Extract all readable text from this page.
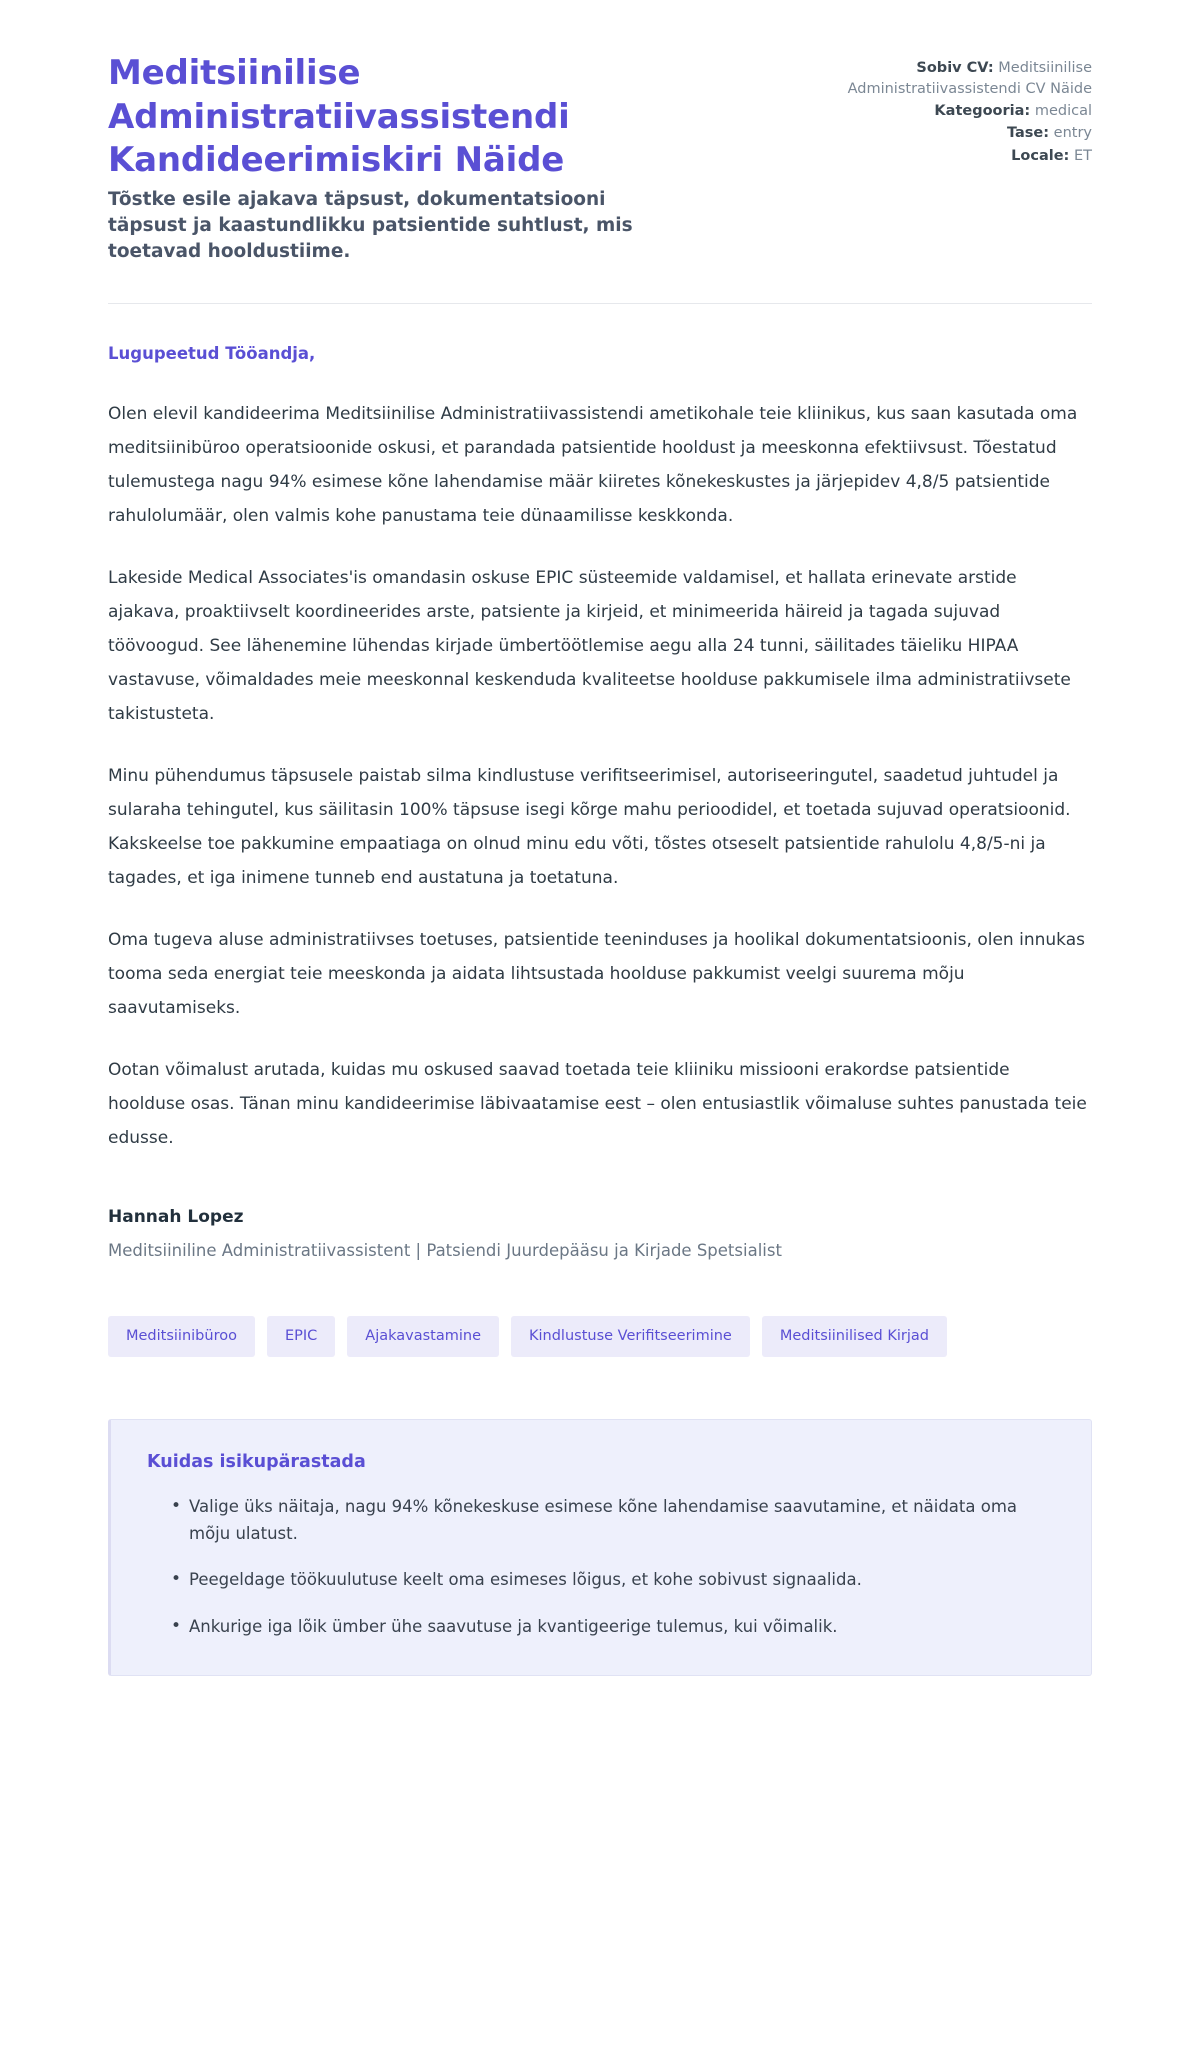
Meditsiinilise Administratiivassistendi Kandideerimiskiri Näide

Tõstke esile ajakava täpsust, dokumentatsiooni täpsust ja kaastundlikku patsientide suhtlust, mis toetavad hooldustiime.

Sobiv CV: Meditsiinilise Administratiivassistendi CV Näide
Kategooria: medical
Tase: entry
Locale: ET

Lugupeetud Tööandja,

Olen elevil kandideerima Meditsiinilise Administratiivassistendi ametikohale teie kliinikus, kus saan kasutada oma meditsiinibüroo operatsioonide oskusi, et parandada patsientide hooldust ja meeskonna efektiivsust. Tõestatud tulemustega nagu 94% esimese kõne lahendamise määr kiiretes kõnekeskustes ja järjepidev 4,8/5 patsientide rahulolumäär, olen valmis kohe panustama teie dünaamilisse keskkonda.

Lakeside Medical Associates'is omandasin oskuse EPIC süsteemide valdamisel, et hallata erinevate arstide ajakava, proaktiivselt koordineerides arste, patsiente ja kirjeid, et minimeerida häireid ja tagada sujuvad töövoogud. See lähenemine lühendas kirjade ümbertöötlemise aegu alla 24 tunni, säilitades täieliku HIPAA vastavuse, võimaldades meie meeskonnal keskenduda kvaliteetse hoolduse pakkumisele ilma administratiivsete takistusteta.

Minu pühendumus täpsusele paistab silma kindlustuse verifitseerimisel, autoriseeringutel, saadetud juhtudel ja sularaha tehingutel, kus säilitasin 100% täpsuse isegi kõrge mahu perioodidel, et toetada sujuvad operatsioonid. Kakskeelse toe pakkumine empaatiaga on olnud minu edu võti, tõstes otseselt patsientide rahulolu 4,8/5-ni ja tagades, et iga inimene tunneb end austatuna ja toetatuna.

Oma tugeva aluse administratiivses toetuses, patsientide teeninduses ja hoolikal dokumentatsioonis, olen innukas tooma seda energiat teie meeskonda ja aidata lihtsustada hoolduse pakkumist veelgi suurema mõju saavutamiseks.

Ootan võimalust arutada, kuidas mu oskused saavad toetada teie kliiniku missiooni erakordse patsientide hoolduse osas. Tänan minu kandideerimise läbivaatamise eest – olen entusiastlik võimaluse suhtes panustada teie edusse.

Hannah Lopez

Meditsiiniline Administratiivassistent | Patsiendi Juurdepääsu ja Kirjade Spetsialist

Meditsiinibüroo	EPIC	Ajakavastamine	Kindlustuse Verifitseerimine	Meditsiinilised Kirjad
Kuidas isikupärastada
• Valige üks näitaja, nagu 94% kõnekeskuse esimese kõne lahendamise saavutamine, et näidata oma mõju ulatust.
• Peegeldage töökuulutuse keelt oma esimeses lõigus, et kohe sobivust signaalida.
• Ankurige iga lõik ümber ühe saavutuse ja kvantigeerige tulemus, kui võimalik.
